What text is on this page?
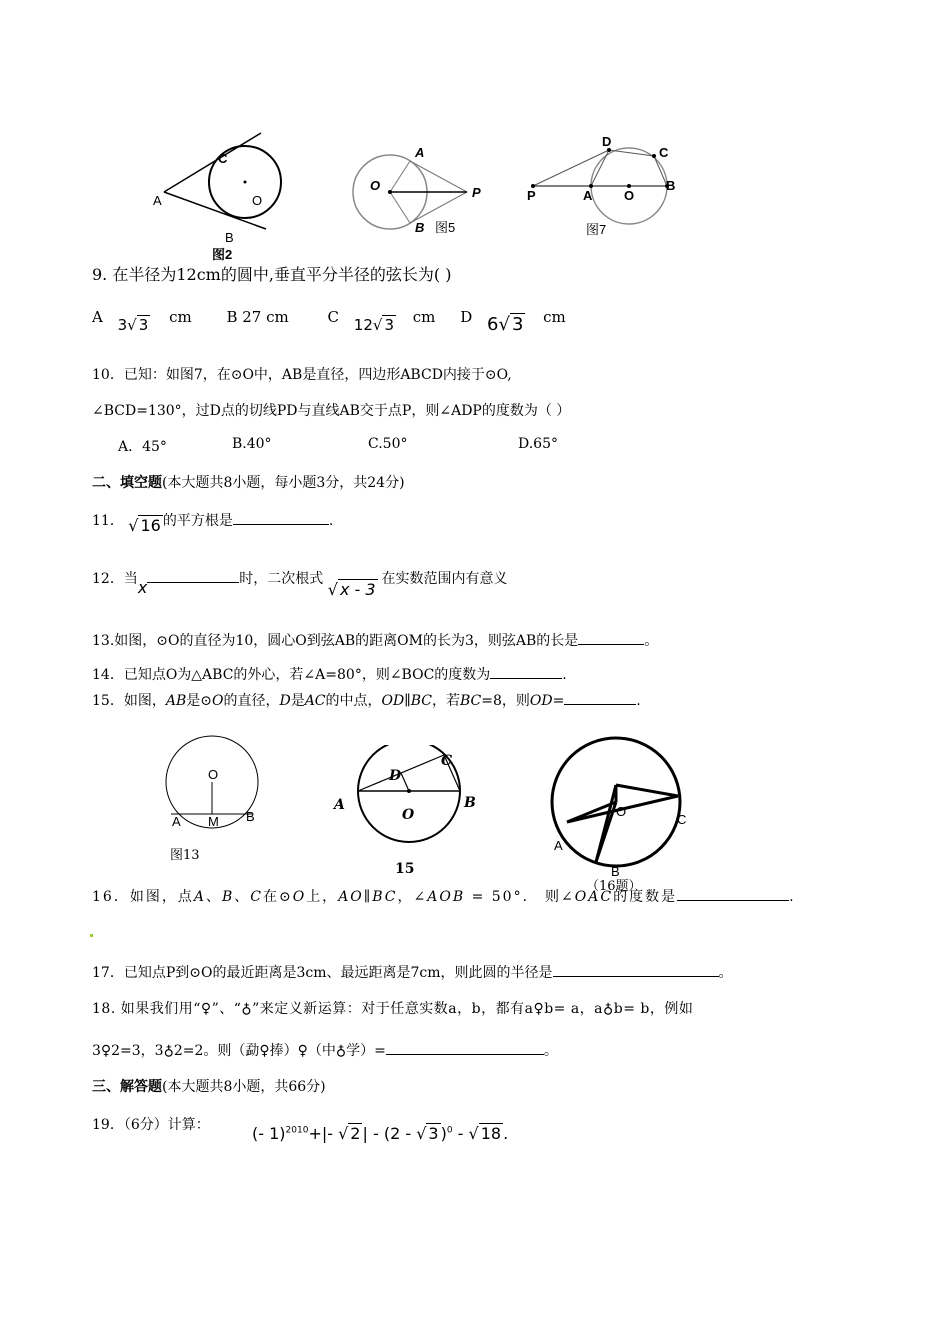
C
O
A
B
图2
O
A
B
P
图5
P	A O
B
D
C
图7
9. 在半径为12cm的圆中,垂直平分半径的弦长为( )
A 3√ 3 cm B 27 cm	C 12√ 3 cm D 6√ 3 cm
10．已知：如图7，在⊙O中，AB是直径，四边形ABCD内接于⊙O,
∠BCD=130°，过D点的切线PD与直线AB交于点P，则∠ADP的度数为（ ）
A．45°	B.40°	C.50°	D.65°
二、填空题(本大题共8小题，每小题3分，共24分)
11． √ 16 的平方根是	.
12．当x	时，二次根式 √ x - 3在实数范围内有意义
13.如图，⊙O的直径为10，圆心O到弦AB的距离OM的长为3，则弦AB的长是	。
14．已知点O为△ABC的外心，若∠A=80°，则∠BOC的度数为	.
15．如图，AB是⊙O的直径，D是AC的中点，OD∥BC，若BC=8，则OD=	.
O
A M B
图13
A	B
C
D
O
15
O
A
C
B
（16题）
16．如图，点A、B、C在⊙O上，AO∥BC，∠AOB = 50°． 则∠OAC的度数是	.
17．已知点P到⊙O的最近距离是3cm、最远距离是7cm，则此圆的半径是	。
18. 如果我们用“♀”、“♁”来定义新运算：对于任意实数a，b，都有a♀b= a，a♁b= b，例如
3♀2=3，3♁2=2。则（勐♀捧）♀（中♁学）=	。
三、解答题(本大题共8小题，共66分)
19．（6分）计算：	(- 1)$^{2010}$+|- √ 2 | - (2 - √ 3 )$^0$ - √ 18 .
